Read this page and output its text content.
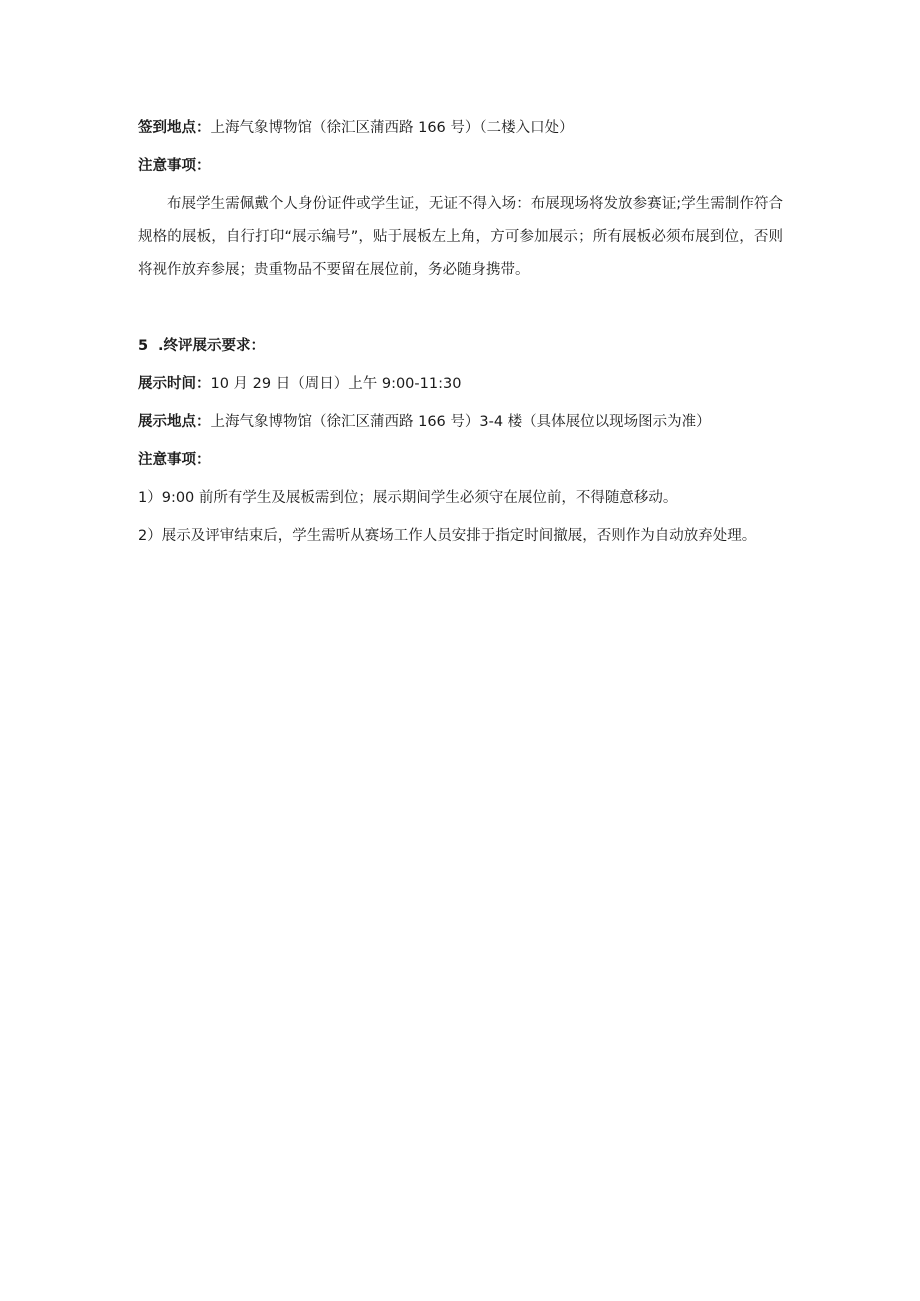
签到地点：上海气象博物馆（徐汇区蒲西路 166 号）（二楼入口处）

注意事项：

布展学生需佩戴个人身份证件或学生证，无证不得入场：布展现场将发放参赛证;学生需制作符合规格的展板，自行打印“展示编号”，贴于展板左上角，方可参加展示；所有展板必须布展到位，否则将视作放弃参展；贵重物品不要留在展位前，务必随身携带。

5 .终评展示要求：

展示时间：10 月 29 日（周日）上午 9:00-11:30

展示地点：上海气象博物馆（徐汇区蒲西路 166 号）3-4 楼（具体展位以现场图示为准）

注意事项：

1）9:00 前所有学生及展板需到位；展示期间学生必须守在展位前，不得随意移动。

2）展示及评审结束后，学生需听从赛场工作人员安排于指定时间撤展，否则作为自动放弃处理。
